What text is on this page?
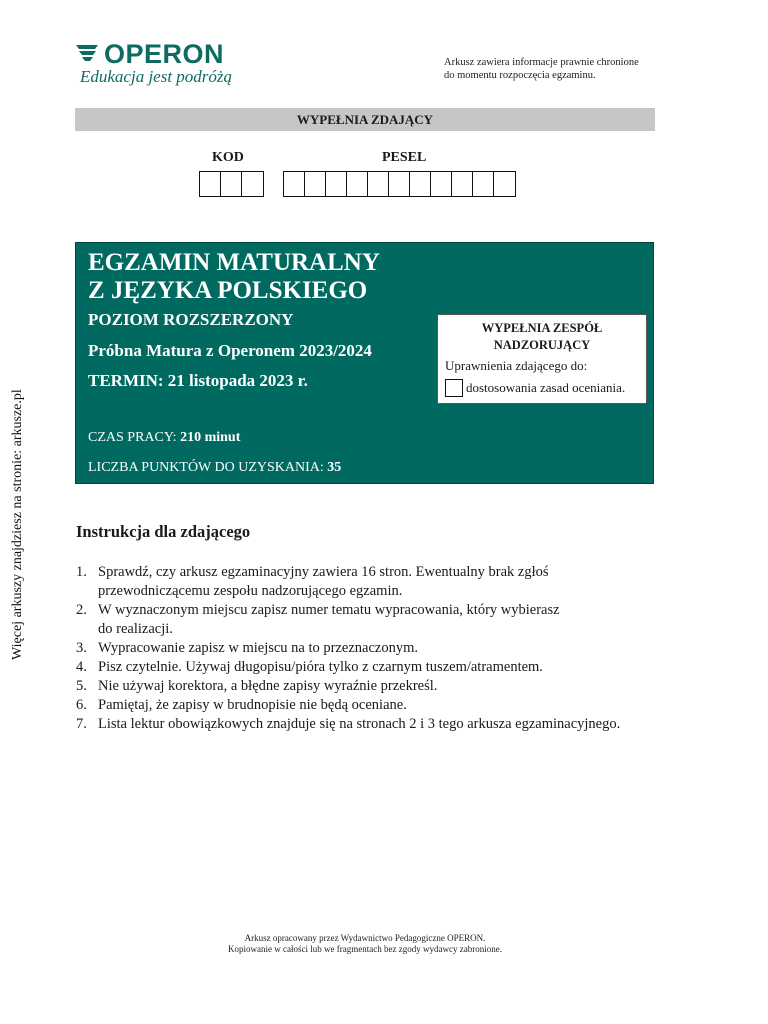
OPERON
Edukacja jest podróżą
Arkusz zawiera informacje prawnie chronione
do momentu rozpoczęcia egzaminu.
WYPEŁNIA ZDAJĄCY
KOD	PESEL
EGZAMIN MATURALNY
Z JĘZYKA POLSKIEGO
POZIOM ROZSZERZONY
Próbna Matura z Operonem 2023/2024
TERMIN: 21 listopada 2023 r.
CZAS PRACY: 210 minut
LICZBA PUNKTÓW DO UZYSKANIA: 35
WYPEŁNIA ZESPÓŁ
NADZORUJĄCY
Uprawnienia zdającego do:
dostosowania zasad oceniania.
Instrukcja dla zdającego
1. Sprawdź, czy arkusz egzaminacyjny zawiera 16 stron. Ewentualny brak zgłoś
przewodniczącemu zespołu nadzorującego egzamin.
2. W wyznaczonym miejscu zapisz numer tematu wypracowania, który wybierasz
do realizacji.
3. Wypracowanie zapisz w miejscu na to przeznaczonym.
4. Pisz czytelnie. Używaj długopisu/pióra tylko z czarnym tuszem/atramentem.
5. Nie używaj korektora, a błędne zapisy wyraźnie przekreśl.
6. Pamiętaj, że zapisy w brudnopisie nie będą oceniane.
7. Lista lektur obowiązkowych znajduje się na stronach 2 i 3 tego arkusza egzaminacyjnego.
Więcej arkuszy znajdziesz na stronie: arkusze.pl
Arkusz opracowany przez Wydawnictwo Pedagogiczne OPERON.
Kopiowanie w całości lub we fragmentach bez zgody wydawcy zabronione.
